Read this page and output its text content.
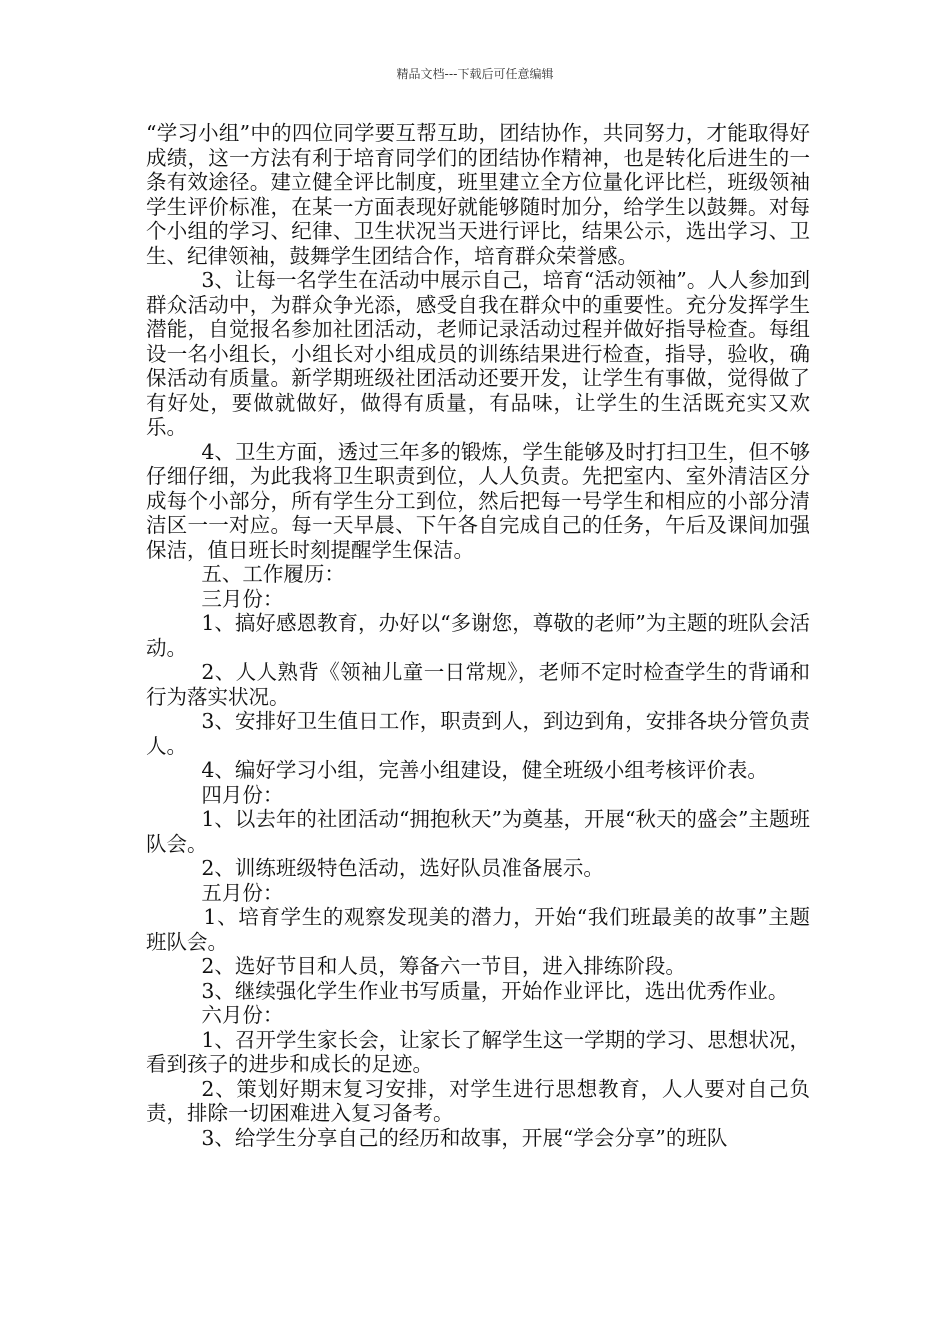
精品文档---下载后可任意编辑

“学习小组”中的四位同学要互帮互助，团结协作，共同努力，才能取得好成绩，这一方法有利于培育同学们的团结协作精神，也是转化后进生的一条有效途径。建立健全评比制度，班里建立全方位量化评比栏，班级领袖学生评价标准，在某一方面表现好就能够随时加分，给学生以鼓舞。对每个小组的学习、纪律、卫生状况当天进行评比，结果公示，选出学习、卫生、纪律领袖，鼓舞学生团结合作，培育群众荣誉感。

3、让每一名学生在活动中展示自己，培育“活动领袖”。人人参加到群众活动中，为群众争光添，感受自我在群众中的重要性。充分发挥学生潜能，自觉报名参加社团活动，老师记录活动过程并做好指导检查。每组设一名小组长，小组长对小组成员的训练结果进行检查，指导，验收，确保活动有质量。新学期班级社团活动还要开发，让学生有事做，觉得做了有好处，要做就做好，做得有质量，有品味，让学生的生活既充实又欢乐。

4、卫生方面，透过三年多的锻炼，学生能够及时打扫卫生，但不够仔细仔细，为此我将卫生职责到位，人人负责。先把室内、室外清洁区分成每个小部分，所有学生分工到位，然后把每一号学生和相应的小部分清洁区一一对应。每一天早晨、下午各自完成自己的任务，午后及课间加强保洁，值日班长时刻提醒学生保洁。

五、工作履历：

三月份：

1、搞好感恩教育，办好以“多谢您，尊敬的老师”为主题的班队会活动。

2、人人熟背《领袖儿童一日常规》，老师不定时检查学生的背诵和行为落实状况。

3、安排好卫生值日工作，职责到人，到边到角，安排各块分管负责人。

4、编好学习小组，完善小组建设，健全班级小组考核评价表。

四月份：

1、以去年的社团活动“拥抱秋天”为奠基，开展“秋天的盛会”主题班队会。

2、训练班级特色活动，选好队员准备展示。

五月份：

1、培育学生的观察发现美的潜力，开始“我们班最美的故事”主题班队会。

2、选好节目和人员，筹备六一节目，进入排练阶段。

3、继续强化学生作业书写质量，开始作业评比，选出优秀作业。

六月份：

1、召开学生家长会，让家长了解学生这一学期的学习、思想状况，看到孩子的进步和成长的足迹。

2、策划好期末复习安排，对学生进行思想教育，人人要对自己负责，排除一切困难进入复习备考。

3、给学生分享自己的经历和故事，开展“学会分享”的班队
